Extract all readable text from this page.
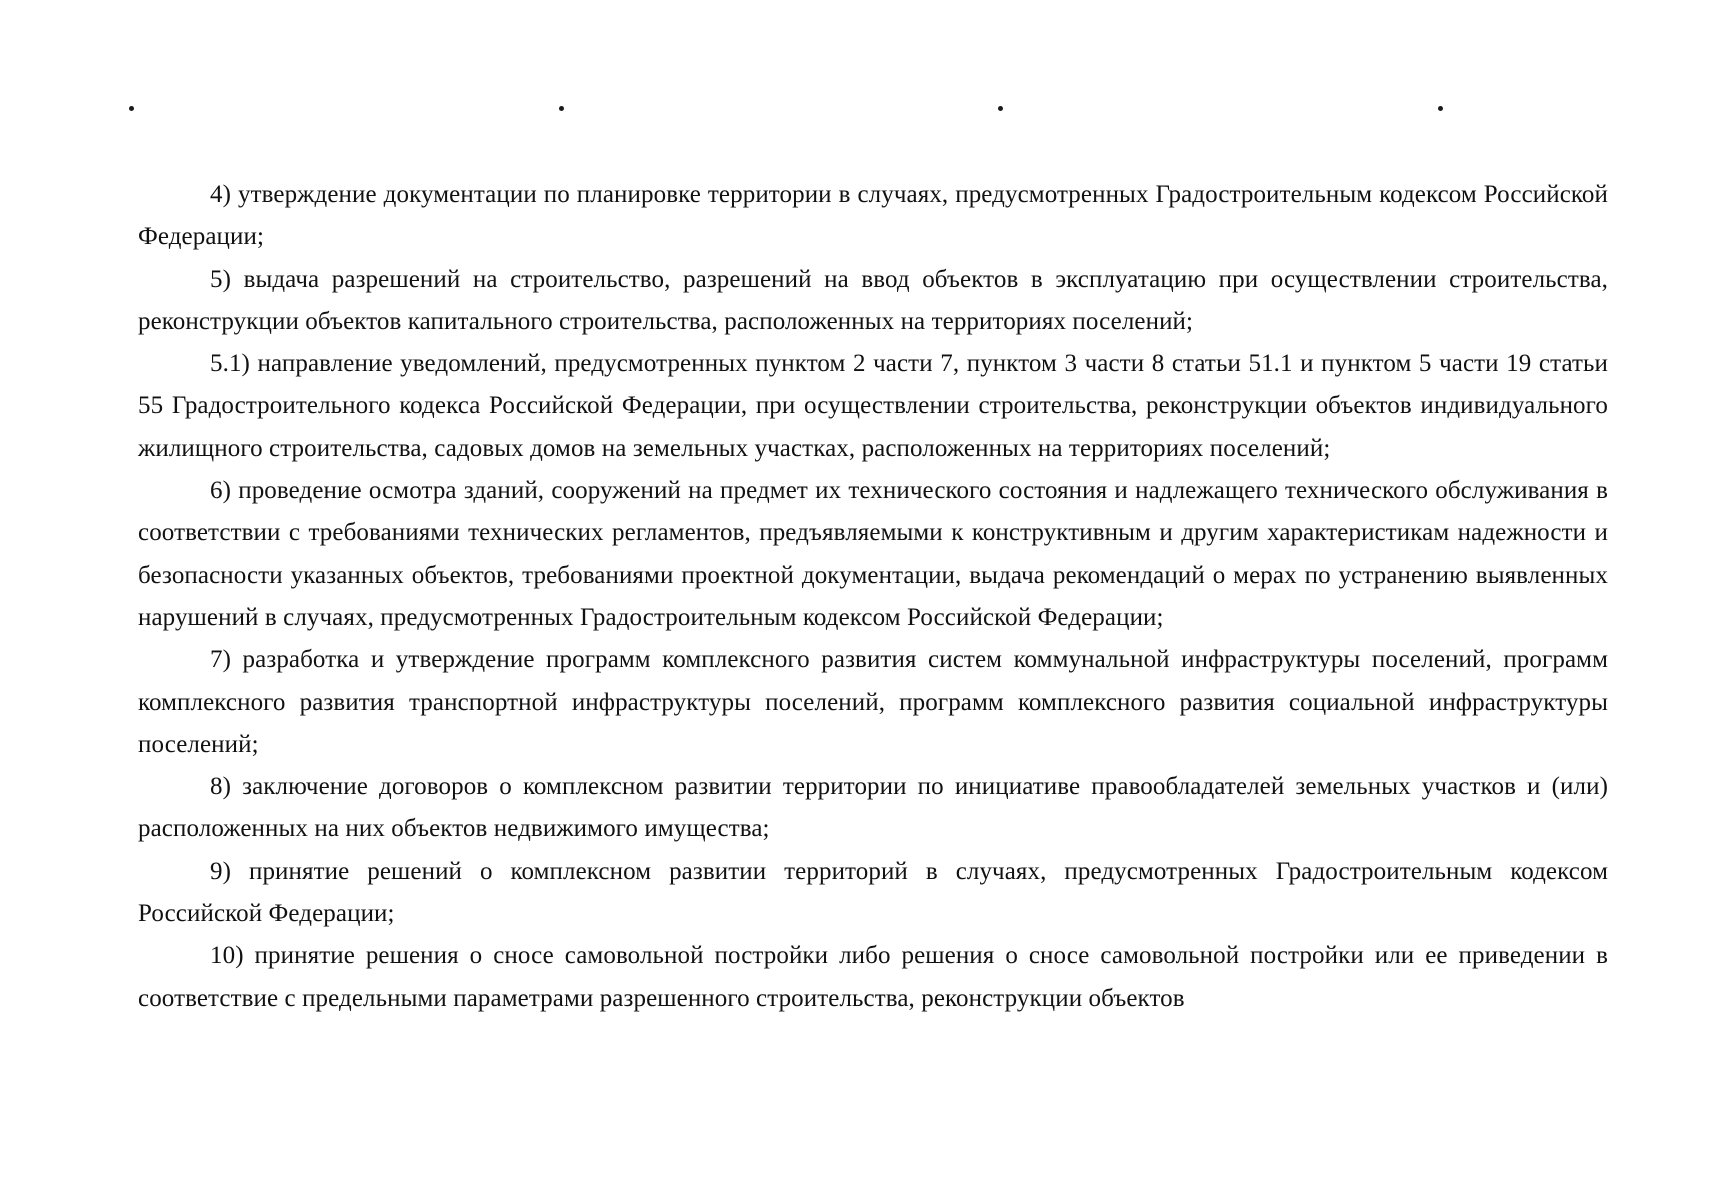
4) утверждение документации по планировке территории в случаях, предусмотренных Градостроительным кодексом Российской Федерации;

5) выдача разрешений на строительство, разрешений на ввод объектов в эксплуатацию при осуществлении строительства, реконструкции объектов капитального строительства, расположенных на территориях поселений;

5.1) направление уведомлений, предусмотренных пунктом 2 части 7, пунктом 3 части 8 статьи 51.1 и пунктом 5 части 19 статьи 55 Градостроительного кодекса Российской Федерации, при осуществлении строительства, реконструкции объектов индивидуального жилищного строительства, садовых домов на земельных участках, расположенных на территориях поселений;

6) проведение осмотра зданий, сооружений на предмет их технического состояния и надлежащего технического обслуживания в соответствии с требованиями технических регламентов, предъявляемыми к конструктивным и другим характеристикам надежности и безопасности указанных объектов, требованиями проектной документации, выдача рекомендаций о мерах по устранению выявленных нарушений в случаях, предусмотренных Градостроительным кодексом Российской Федерации;

7) разработка и утверждение программ комплексного развития систем коммунальной инфраструктуры поселений, программ комплексного развития транспортной инфраструктуры поселений, программ комплексного развития социальной инфраструктуры поселений;

8) заключение договоров о комплексном развитии территории по инициативе правообладателей земельных участков и (или) расположенных на них объектов недвижимого имущества;

9) принятие решений о комплексном развитии территорий в случаях, предусмотренных Градостроительным кодексом Российской Федерации;

10) принятие решения о сносе самовольной постройки либо решения о сносе самовольной постройки или ее приведении в соответствие с предельными параметрами разрешенного строительства, реконструкции объектов
